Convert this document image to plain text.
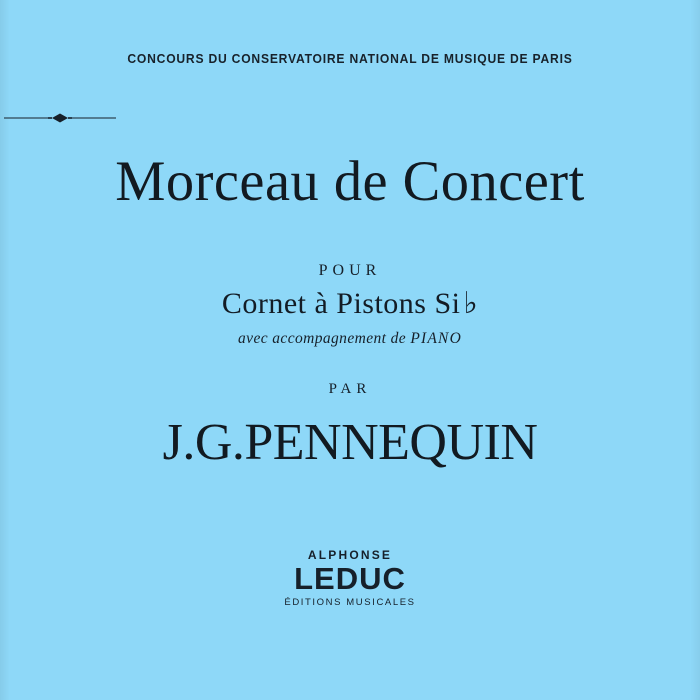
CONCOURS DU CONSERVATOIRE NATIONAL DE MUSIQUE DE PARIS
Morceau de Concert
POUR
Cornet à Pistons Si ♭
avec accompagnement de PIANO
PAR
J.G.PENNEQUIN
ALPHONSE
LEDUC
ÉDITIONS MUSICALES
